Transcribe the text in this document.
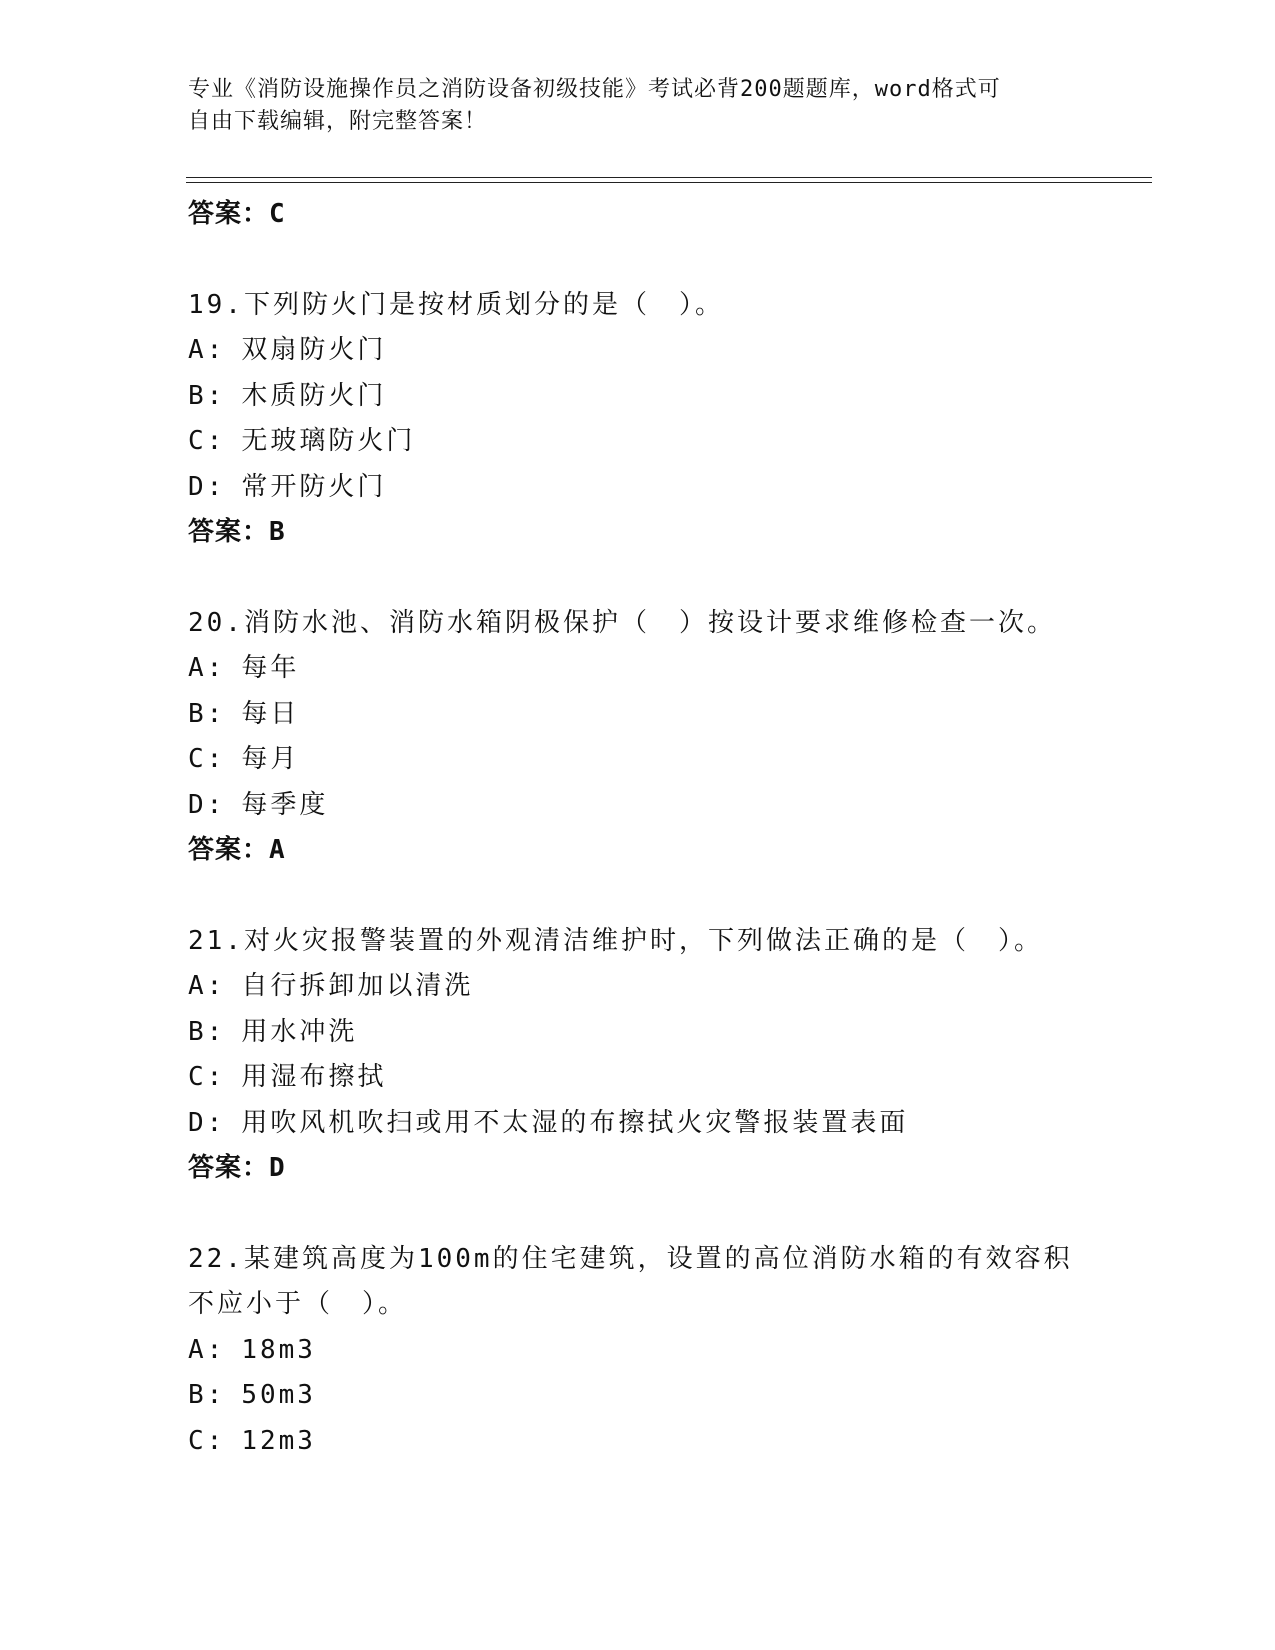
专业《消防设施操作员之消防设备初级技能》考试必背200题题库，word格式可
自由下载编辑，附完整答案！
答案：C
19.下列防火门是按材质划分的是（　）。
A: 双扇防火门
B: 木质防火门
C: 无玻璃防火门
D: 常开防火门
答案：B
20.消防水池、消防水箱阴极保护（　）按设计要求维修检查一次。
A: 每年
B: 每日
C: 每月
D: 每季度
答案：A
21.对火灾报警装置的外观清洁维护时，下列做法正确的是（　）。
A: 自行拆卸加以清洗
B: 用水冲洗
C: 用湿布擦拭
D: 用吹风机吹扫或用不太湿的布擦拭火灾警报装置表面
答案：D
22.某建筑高度为100m的住宅建筑，设置的高位消防水箱的有效容积
不应小于（　）。
A: 18m3
B: 50m3
C: 12m3
